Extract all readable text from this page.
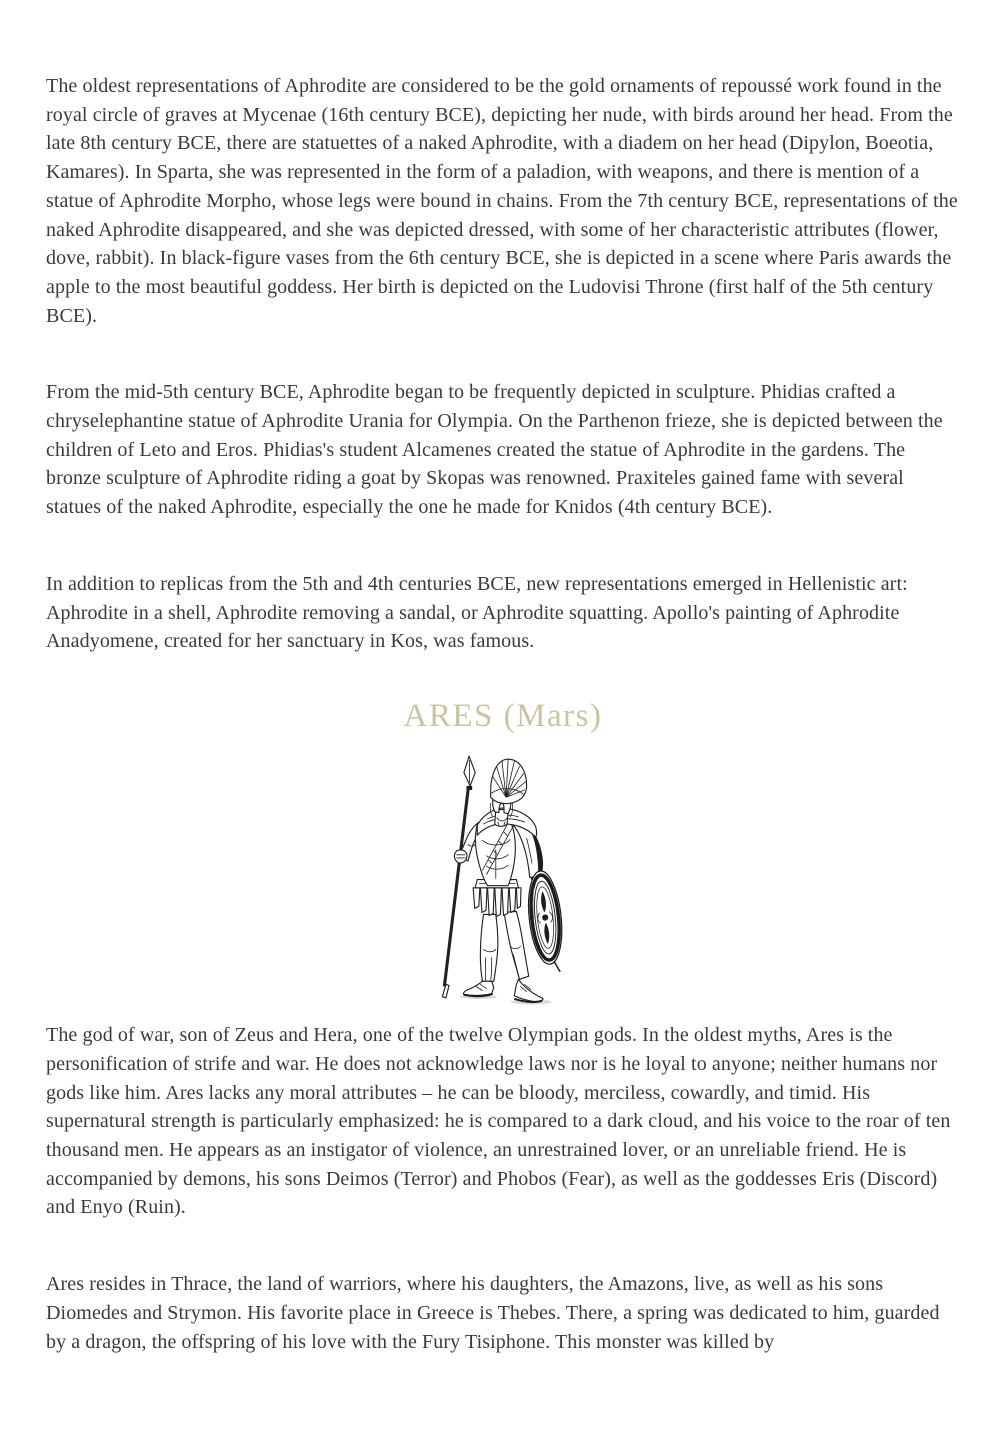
The oldest representations of Aphrodite are considered to be the gold ornaments of repoussé work found in the royal circle of graves at Mycenae (16th century BCE), depicting her nude, with birds around her head. From the late 8th century BCE, there are statuettes of a naked Aphrodite, with a diadem on her head (Dipylon, Boeotia, Kamares). In Sparta, she was represented in the form of a paladion, with weapons, and there is mention of a statue of Aphrodite Morpho, whose legs were bound in chains. From the 7th century BCE, representations of the naked Aphrodite disappeared, and she was depicted dressed, with some of her characteristic attributes (flower, dove, rabbit). In black-figure vases from the 6th century BCE, she is depicted in a scene where Paris awards the apple to the most beautiful goddess. Her birth is depicted on the Ludovisi Throne (first half of the 5th century BCE).

From the mid-5th century BCE, Aphrodite began to be frequently depicted in sculpture. Phidias crafted a chryselephantine statue of Aphrodite Urania for Olympia. On the Parthenon frieze, she is depicted between the children of Leto and Eros. Phidias's student Alcamenes created the statue of Aphrodite in the gardens. The bronze sculpture of Aphrodite riding a goat by Skopas was renowned. Praxiteles gained fame with several statues of the naked Aphrodite, especially the one he made for Knidos (4th century BCE).

In addition to replicas from the 5th and 4th centuries BCE, new representations emerged in Hellenistic art: Aphrodite in a shell, Aphrodite removing a sandal, or Aphrodite squatting. Apollo's painting of Aphrodite Anadyomene, created for her sanctuary in Kos, was famous.

ARES (Mars)

The god of war, son of Zeus and Hera, one of the twelve Olympian gods. In the oldest myths, Ares is the personification of strife and war. He does not acknowledge laws nor is he loyal to anyone; neither humans nor gods like him. Ares lacks any moral attributes – he can be bloody, merciless, cowardly, and timid. His supernatural strength is particularly emphasized: he is compared to a dark cloud, and his voice to the roar of ten thousand men. He appears as an instigator of violence, an unrestrained lover, or an unreliable friend. He is accompanied by demons, his sons Deimos (Terror) and Phobos (Fear), as well as the goddesses Eris (Discord) and Enyo (Ruin).

Ares resides in Thrace, the land of warriors, where his daughters, the Amazons, live, as well as his sons Diomedes and Strymon. His favorite place in Greece is Thebes. There, a spring was dedicated to him, guarded by a dragon, the offspring of his love with the Fury Tisiphone. This monster was killed by
